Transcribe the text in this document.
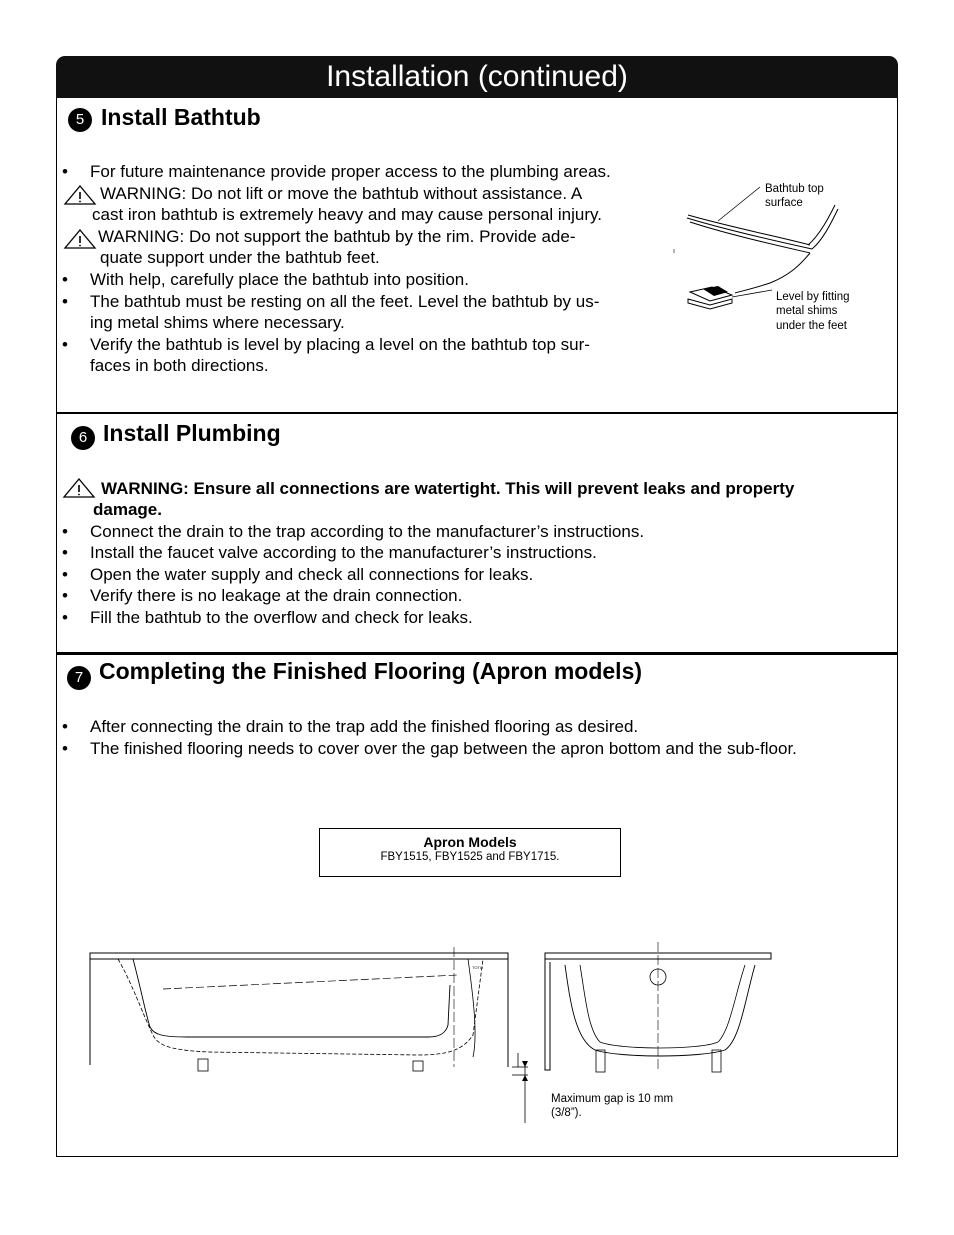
Installation (continued)
5 Install Bathtub
• For future maintenance provide proper access to the plumbing areas.
WARNING: Do not lift or move the bathtub without assistance. A
cast iron bathtub is extremely heavy and may cause personal injury.
WARNING: Do not support the bathtub by the rim. Provide ade-
quate support under the bathtub feet.
• With help, carefully place the bathtub into position.
• The bathtub must be resting on all the feet. Level the bathtub by us-
ing metal shims where necessary.
• Verify the bathtub is level by placing a level on the bathtub top sur-
faces in both directions.
Bathtub top
surface
Level by fitting
metal shims
under the feet
6 Install Plumbing
WARNING: Ensure all connections are watertight. This will prevent leaks and property
damage.
• Connect the drain to the trap according to the manufacturer’s instructions.
• Install the faucet valve according to the manufacturer’s instructions.
• Open the water supply and check all connections for leaks.
• Verify there is no leakage at the drain connection.
• Fill the bathtub to the overflow and check for leaks.
7 Completing the Finished Flooring (Apron models)
• After connecting the drain to the trap add the finished flooring as desired.
• The finished flooring needs to cover over the gap between the apron bottom and the sub-floor.
Apron Models
FBY1515, FBY1525 and FBY1715.
TOTO
Maximum gap is 10 mm
(3/8”).
